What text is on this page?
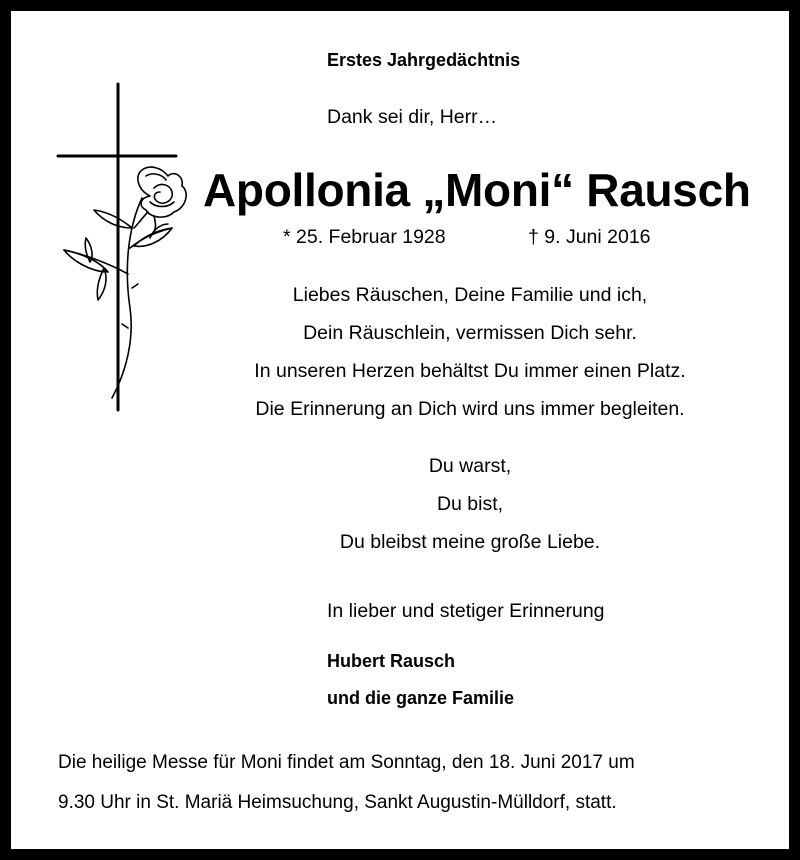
Erstes Jahrgedächtnis
Dank sei dir, Herr…
Apollonia „Moni“ Rausch
* 25. Februar 1928	† 9. Juni 2016
Liebes Räuschen, Deine Familie und ich,
Dein Räuschlein, vermissen Dich sehr.
In unseren Herzen behältst Du immer einen Platz.
Die Erinnerung an Dich wird uns immer begleiten.
Du warst,
Du bist,
Du bleibst meine große Liebe.
In lieber und stetiger Erinnerung
Hubert Rausch
und die ganze Familie
Die heilige Messe für Moni findet am Sonntag, den 18. Juni 2017 um
9.30 Uhr in St. Mariä Heimsuchung, Sankt Augustin-Mülldorf, statt.
